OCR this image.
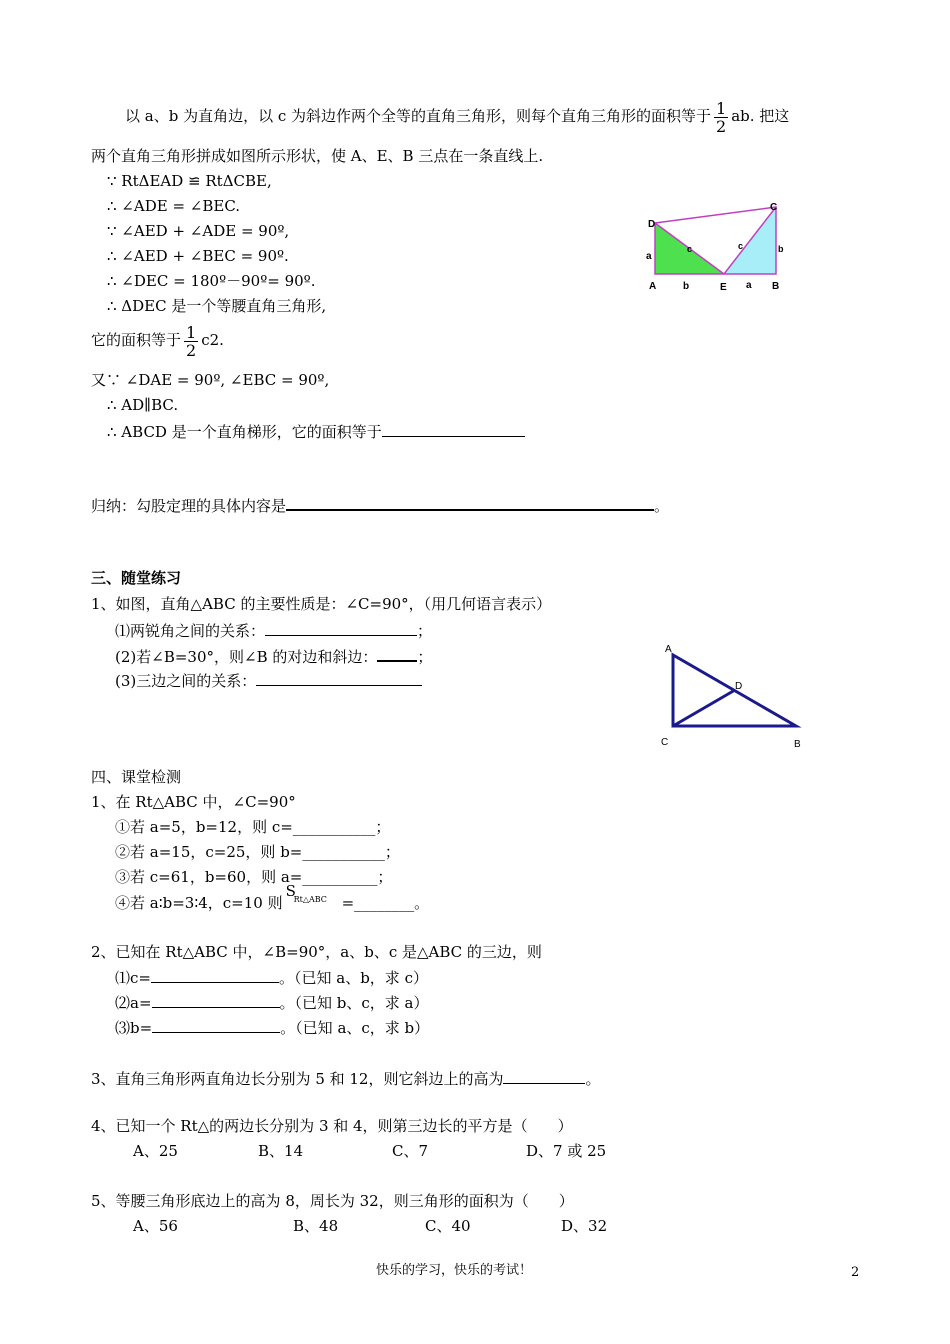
以 a、b 为直角边，以 c 为斜边作两个全等的直角三角形，则每个直角三角形的面积等于 $\frac{1}{2}$ ab. 把这
两个直角三角形拼成如图所示形状，使 A、E、B 三点在一条直线上.
∵ RtΔEAD ≌ RtΔCBE,
∴ ∠ADE = ∠BEC.
∵ ∠AED + ∠ADE = 90º,
∴ ∠AED + ∠BEC = 90º.
∴ ∠DEC = 180º－90º= 90º.
∴ ΔDEC 是一个等腰直角三角形,
它的面积等于 $\frac{1}{2} c2$.
又∵ ∠DAE = 90º, ∠EBC = 90º,
∴ AD∥BC.
∴ ABCD 是一个直角梯形，它的面积等于
归纳：勾股定理的具体内容是	。
D
C
a
c	c	b
A	b	E a B
三、随堂练习
1、如图，直角△ABC 的主要性质是：∠C=90°，（用几何语言表示）
⑴两锐角之间的关系：	；
(2)若∠B=30°，则∠B 的对边和斜边：	；
(3)三边之间的关系：
A
D
C	B
四、课堂检测
1、在 Rt△ABC 中，∠C=90°
①若 a=5，b=12，则 c=___________；
②若 a=15，c=25，则 b=___________；
③若 c=61，b=60，则 a=__________；
④若 a∶b=3∶4，c=10 则
S
Rt△ABC =________。
2、已知在 Rt△ABC 中，∠B=90°，a、b、c 是△ABC 的三边，则
⑴c=	。（已知 a、b，求 c）
⑵a=	。（已知 b、c，求 a）
⑶b=	。（已知 a、c，求 b）
3、直角三角形两直角边长分别为 5 和 12，则它斜边上的高为	。
4、已知一个 Rt△的两边长分别为 3 和 4，则第三边长的平方是（　　）
A、25	B、14	C、7	D、7 或 25
5、等腰三角形底边上的高为 8，周长为 32，则三角形的面积为（　　）
A、56	B、48	C、40	D、32
快乐的学习，快乐的考试！	2
